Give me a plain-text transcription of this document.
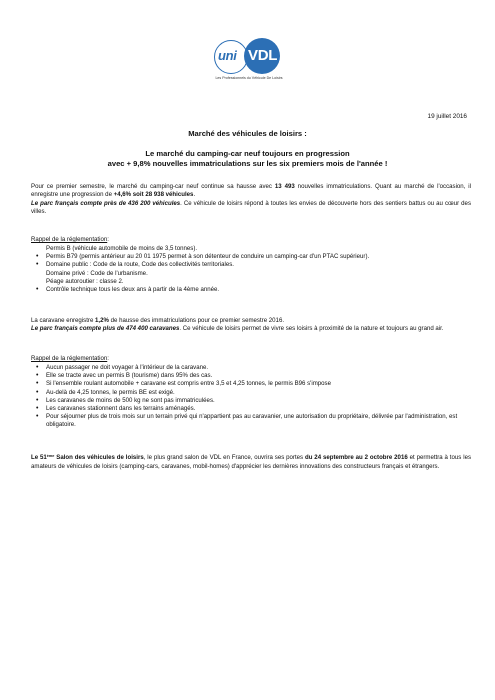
uni VDL
Les Professionnels du Véhicule De Loisirs
19 juillet 2016
Marché des véhicules de loisirs :
Le marché du camping-car neuf toujours en progression
avec + 9,8% nouvelles immatriculations sur les six premiers mois de l'année !
Pour ce premier semestre, le marché du camping-car neuf continue sa hausse avec 13 493 nouvelles immatriculations. Quant au marché de l'occasion, il enregistre une progression de +4,6% soit 28 938 véhicules.
Le parc français compte près de 436 200 véhicules. Ce véhicule de loisirs répond à toutes les envies de découverte hors des sentiers battus ou au cœur des villes.
Rappel de la réglementation:
Permis B (véhicule automobile de moins de 3,5 tonnes).
• Permis B79 (permis antérieur au 20 01 1975 permet à son détenteur de conduire un camping-car d'un PTAC supérieur).
• Domaine public : Code de la route, Code des collectivités territoriales.
Domaine privé : Code de l'urbanisme.
Péage autoroutier : classe 2.
• Contrôle technique tous les deux ans à partir de la 4ème année.
La caravane enregistre 1,2% de hausse des immatriculations pour ce premier semestre 2016.
Le parc français compte plus de 474 400 caravanes. Ce véhicule de loisirs permet de vivre ses loisirs à proximité de la nature et toujours au grand air.
Rappel de la réglementation:
• Aucun passager ne doit voyager à l'intérieur de la caravane.
• Elle se tracte avec un permis B (tourisme) dans 95% des cas.
• Si l'ensemble roulant automobile + caravane est compris entre 3,5 et 4,25 tonnes, le permis B96 s'impose
• Au-delà de 4,25 tonnes, le permis BE est exigé.
• Les caravanes de moins de 500 kg ne sont pas immatriculées.
• Les caravanes stationnent dans les terrains aménagés.
• Pour séjourner plus de trois mois sur un terrain privé qui n'appartient pas au caravanier, une autorisation du propriétaire, délivrée par l'administration, est obligatoire.
Le 51ème Salon des véhicules de loisirs, le plus grand salon de VDL en France, ouvrira ses portes du 24 septembre au 2 octobre 2016 et permettra à tous les amateurs de véhicules de loisirs (camping-cars, caravanes, mobil-homes) d'apprécier les dernières innovations des constructeurs français et étrangers.
